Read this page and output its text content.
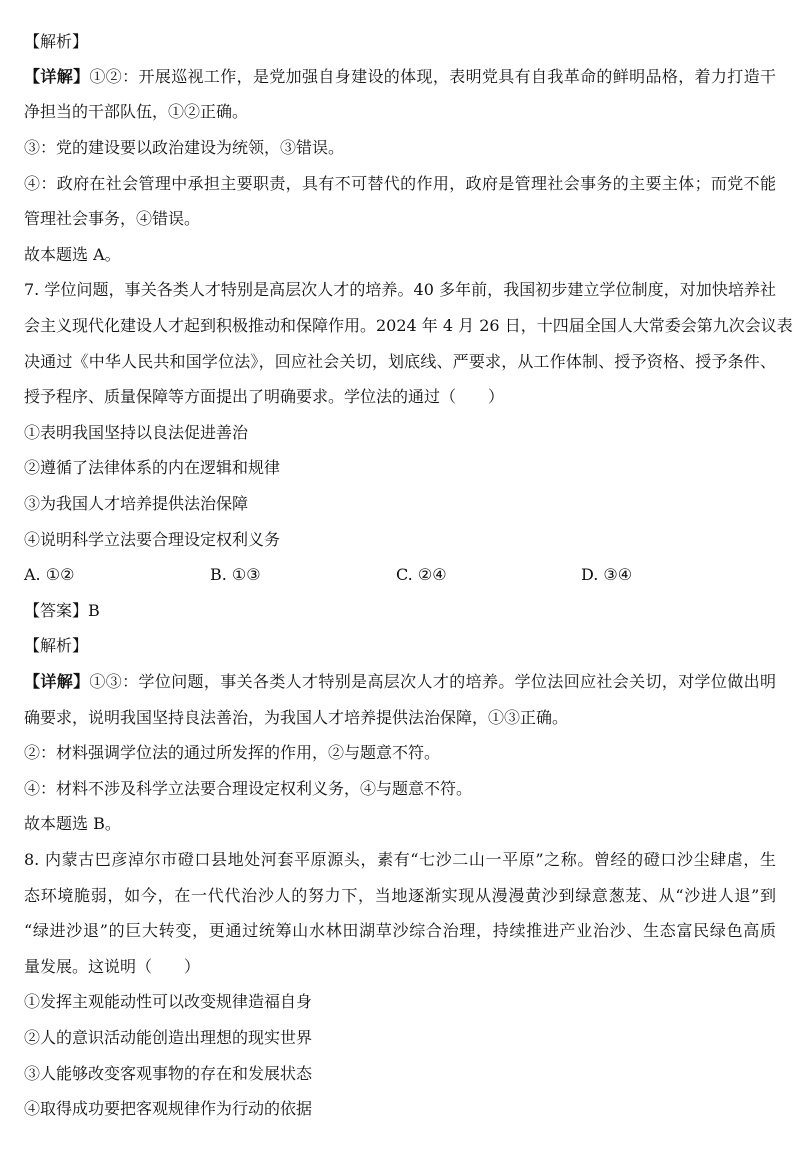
【解析】
【详解】①②：开展巡视工作，是党加强自身建设的体现，表明党具有自我革命的鲜明品格，着力打造干
净担当的干部队伍，①②正确。
③：党的建设要以政治建设为统领，③错误。
④：政府在社会管理中承担主要职责，具有不可替代的作用，政府是管理社会事务的主要主体；而党不能
管理社会事务，④错误。
故本题选 A。
7. 学位问题，事关各类人才特别是高层次人才的培养。40 多年前，我国初步建立学位制度，对加快培养社
会主义现代化建设人才起到积极推动和保障作用。2024 年 4 月 26 日，十四届全国人大常委会第九次会议表
决通过《中华人民共和国学位法》，回应社会关切，划底线、严要求，从工作体制、授予资格、授予条件、
授予程序、质量保障等方面提出了明确要求。学位法的通过（　　）
①表明我国坚持以良法促进善治
②遵循了法律体系的内在逻辑和规律
③为我国人才培养提供法治保障
④说明科学立法要合理设定权利义务
A. ①②	B. ①③	C. ②④	D. ③④
【答案】B
【解析】
【详解】①③：学位问题，事关各类人才特别是高层次人才的培养。学位法回应社会关切，对学位做出明
确要求，说明我国坚持良法善治，为我国人才培养提供法治保障，①③正确。
②：材料强调学位法的通过所发挥的作用，②与题意不符。
④：材料不涉及科学立法要合理设定权利义务，④与题意不符。
故本题选 B。
8. 内蒙古巴彦淖尔市磴口县地处河套平原源头，素有“七沙二山一平原”之称。曾经的磴口沙尘肆虐，生
态环境脆弱，如今，在一代代治沙人的努力下，当地逐渐实现从漫漫黄沙到绿意葱茏、从“沙进人退”到
“绿进沙退”的巨大转变，更通过统筹山水林田湖草沙综合治理，持续推进产业治沙、生态富民绿色高质
量发展。这说明（　　）
①发挥主观能动性可以改变规律造福自身
②人的意识活动能创造出理想的现实世界
③人能够改变客观事物的存在和发展状态
④取得成功要把客观规律作为行动的依据
